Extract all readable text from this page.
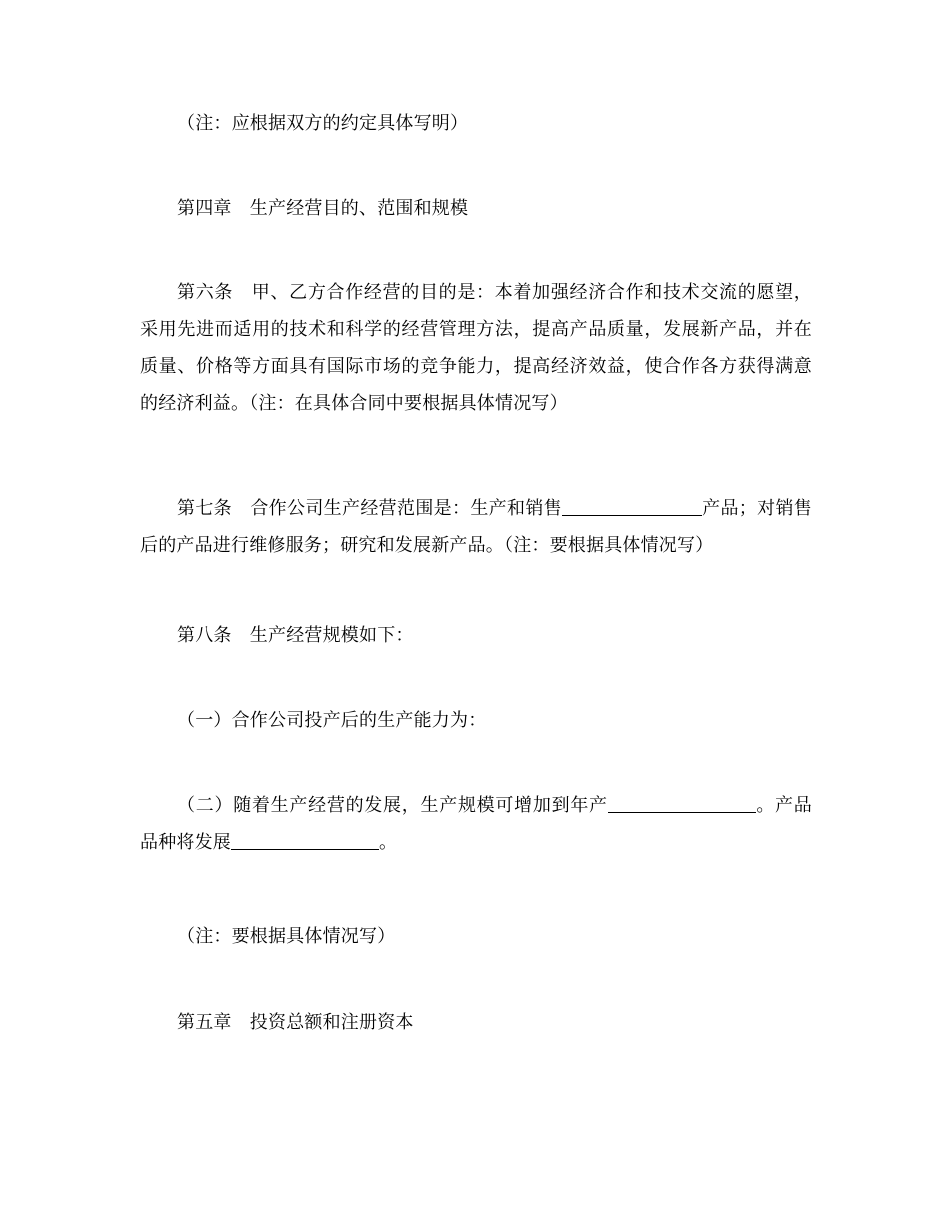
（注：应根据双方的约定具体写明）

第四章　生产经营目的、范围和规模

第六条　甲、乙方合作经营的目的是：本着加强经济合作和技术交流的愿望，采用先进而适用的技术和科学的经营管理方法，提高产品质量，发展新产品，并在质量、价格等方面具有国际市场的竞争能力，提高经济效益，使合作各方获得满意的经济利益。（注：在具体合同中要根据具体情况写）

第七条　合作公司生产经营范围是：生产和销售	产品；对销售后的产品进行维修服务；研究和发展新产品。（注：要根据具体情况写）

第八条　生产经营规模如下：

（一）合作公司投产后的生产能力为：

（二）随着生产经营的发展，生产规模可增加到年产	。产品品种将发展	。

（注：要根据具体情况写）

第五章　投资总额和注册资本
